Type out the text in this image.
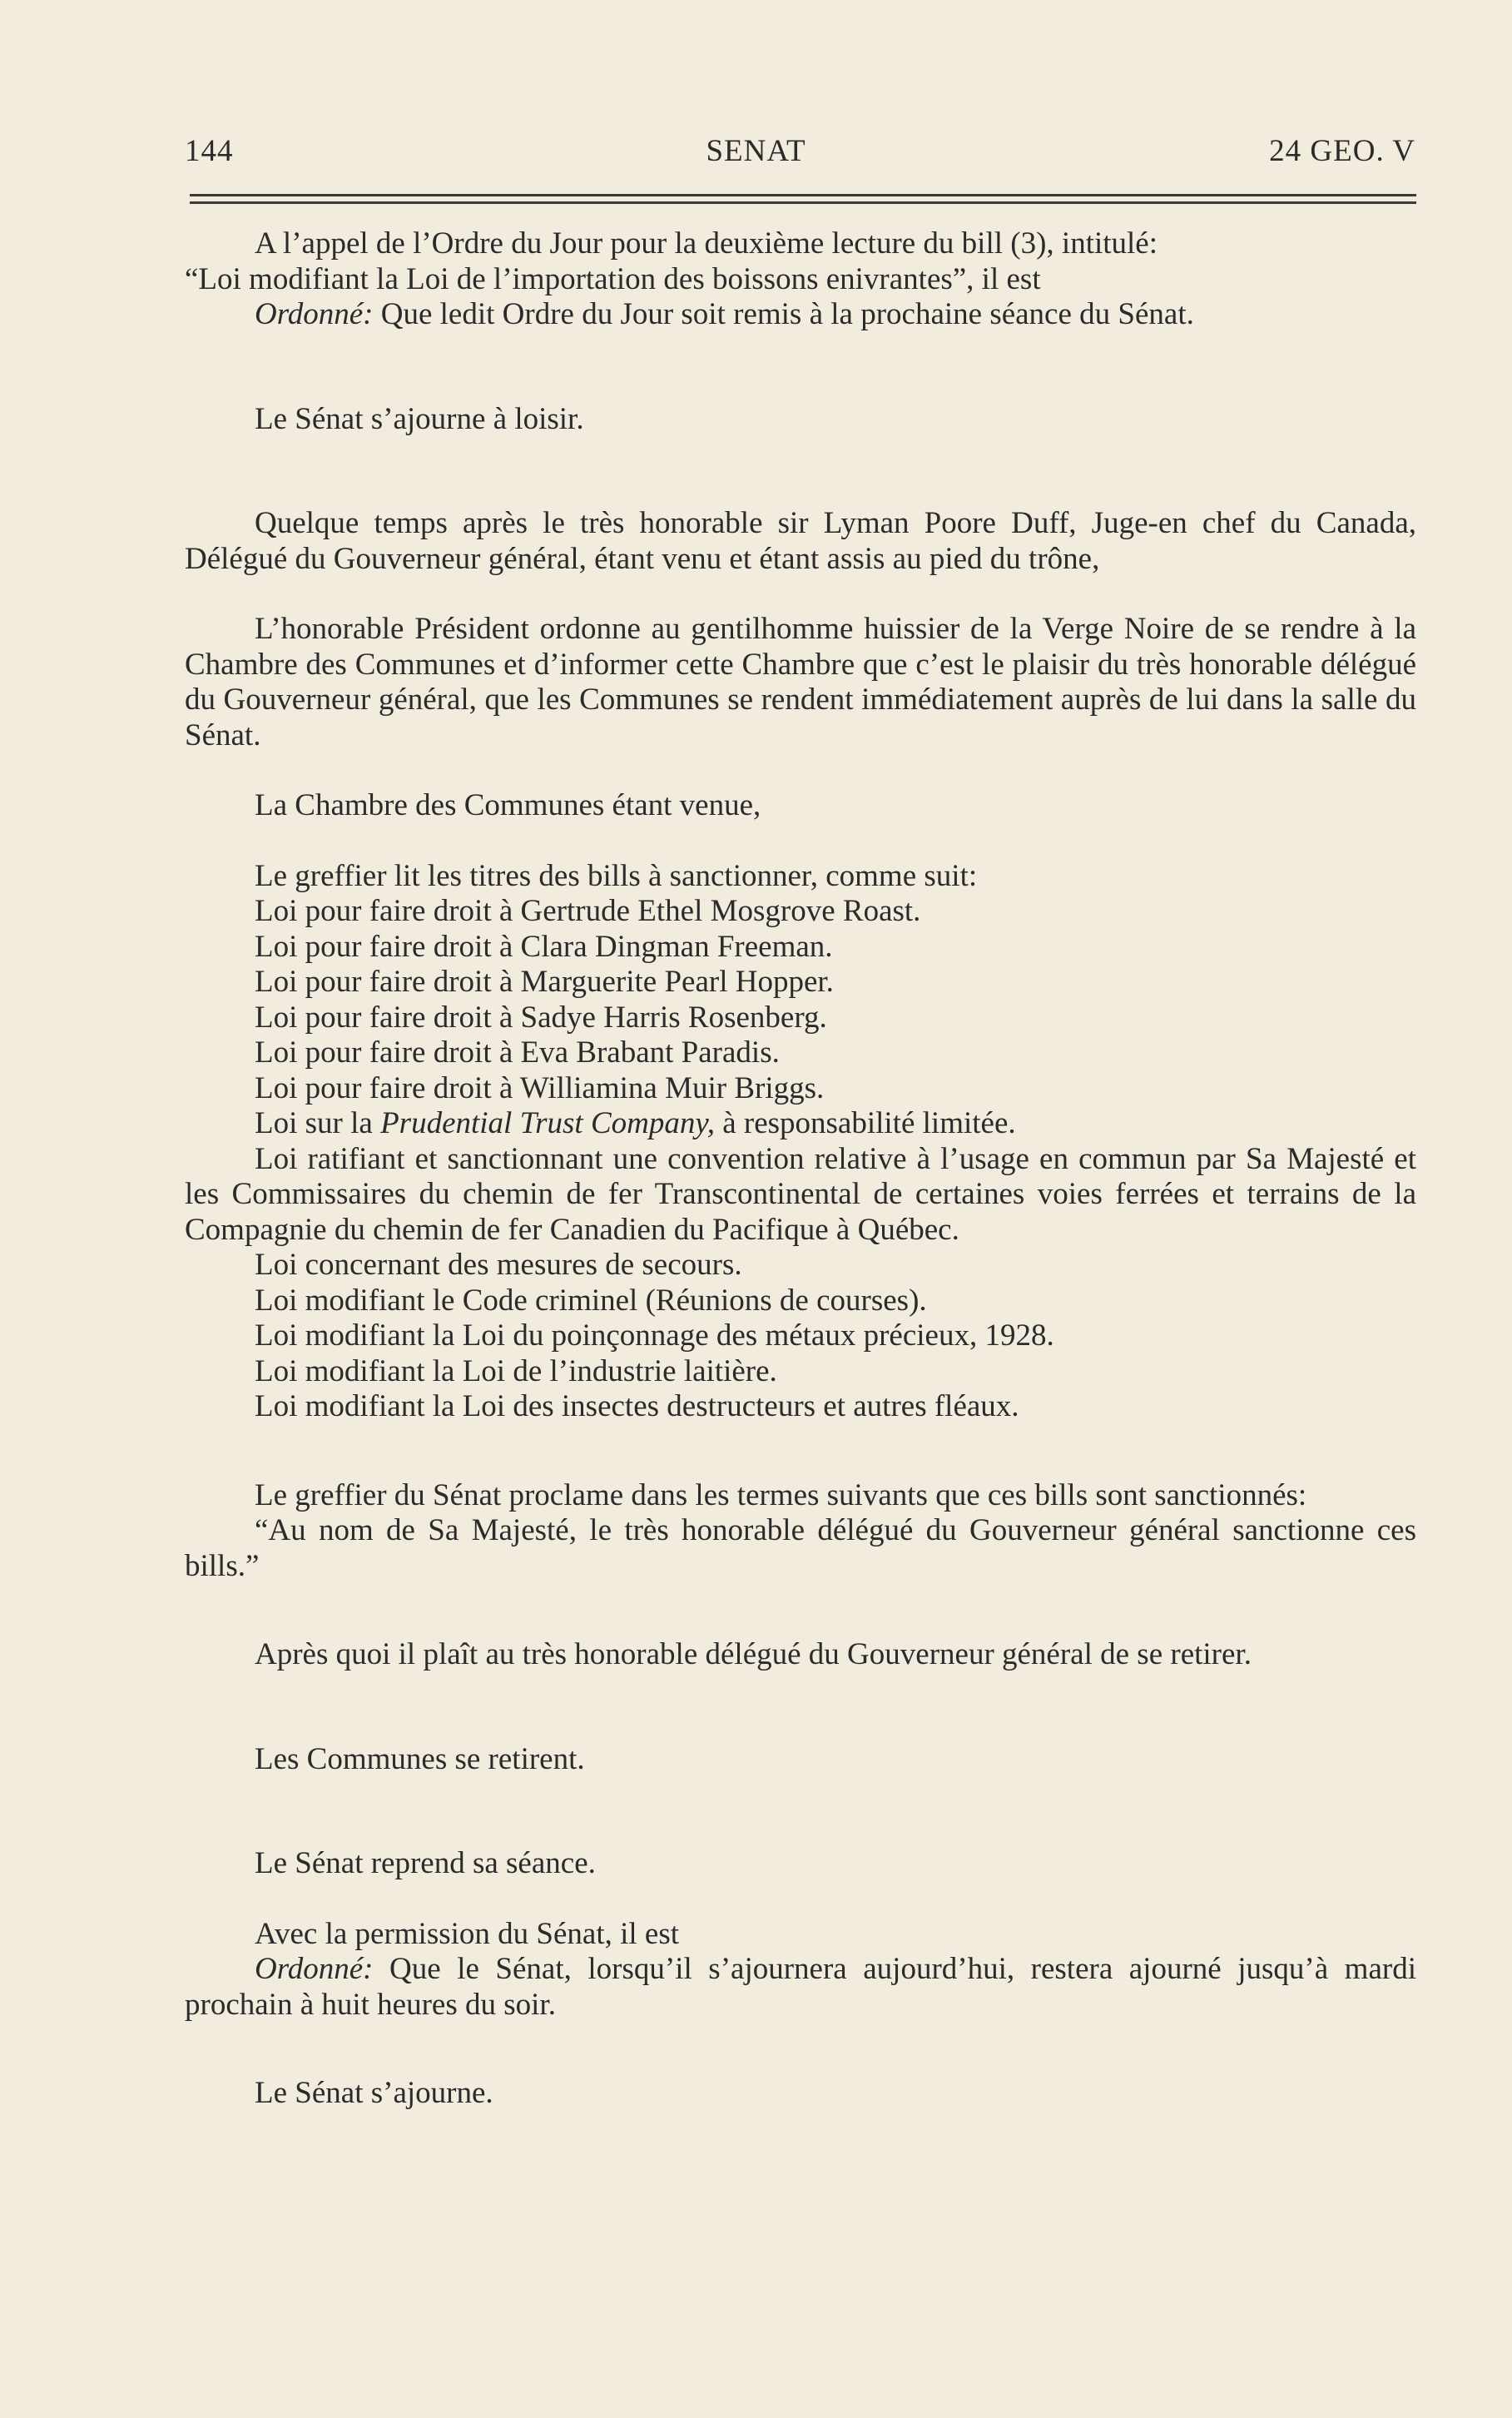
SENAT
144	24 GEO. V
A l’appel de l’Ordre du Jour pour la deuxième lecture du bill (3), intitulé:
“Loi modifiant la Loi de l’importation des boissons enivrantes”, il est
Ordonné: Que ledit Ordre du Jour soit remis à la prochaine séance du Sénat.

Le Sénat s’ajourne à loisir.

Quelque temps après le très honorable sir Lyman Poore Duff, Juge-en chef du Canada, Délégué du Gouverneur général, étant venu et étant assis au pied du trône,

L’honorable Président ordonne au gentilhomme huissier de la Verge Noire de se rendre à la Chambre des Communes et d’informer cette Chambre que c’est le plaisir du très honorable délégué du Gouverneur général, que les Communes se rendent immédiatement auprès de lui dans la salle du Sénat.

La Chambre des Communes étant venue,

Le greffier lit les titres des bills à sanctionner, comme suit:

Loi pour faire droit à Gertrude Ethel Mosgrove Roast.
Loi pour faire droit à Clara Dingman Freeman.
Loi pour faire droit à Marguerite Pearl Hopper.
Loi pour faire droit à Sadye Harris Rosenberg.
Loi pour faire droit à Eva Brabant Paradis.
Loi pour faire droit à Williamina Muir Briggs.
Loi sur la Prudential Trust Company, à responsabilité limitée.
Loi ratifiant et sanctionnant une convention relative à l’usage en commun par Sa Majesté et les Commissaires du chemin de fer Transcontinental de certaines voies ferrées et terrains de la Compagnie du chemin de fer Canadien du Pacifique à Québec.
Loi concernant des mesures de secours.
Loi modifiant le Code criminel (Réunions de courses).
Loi modifiant la Loi du poinçonnage des métaux précieux, 1928.
Loi modifiant la Loi de l’industrie laitière.
Loi modifiant la Loi des insectes destructeurs et autres fléaux.

Le greffier du Sénat proclame dans les termes suivants que ces bills sont sanctionnés:

“Au nom de Sa Majesté, le très honorable délégué du Gouverneur général sanctionne ces bills.”

Après quoi il plaît au très honorable délégué du Gouverneur général de se retirer.

Les Communes se retirent.

Le Sénat reprend sa séance.

Avec la permission du Sénat, il est
Ordonné: Que le Sénat, lorsqu’il s’ajournera aujourd’hui, restera ajourné jusqu’à mardi prochain à huit heures du soir.

Le Sénat s’ajourne.
